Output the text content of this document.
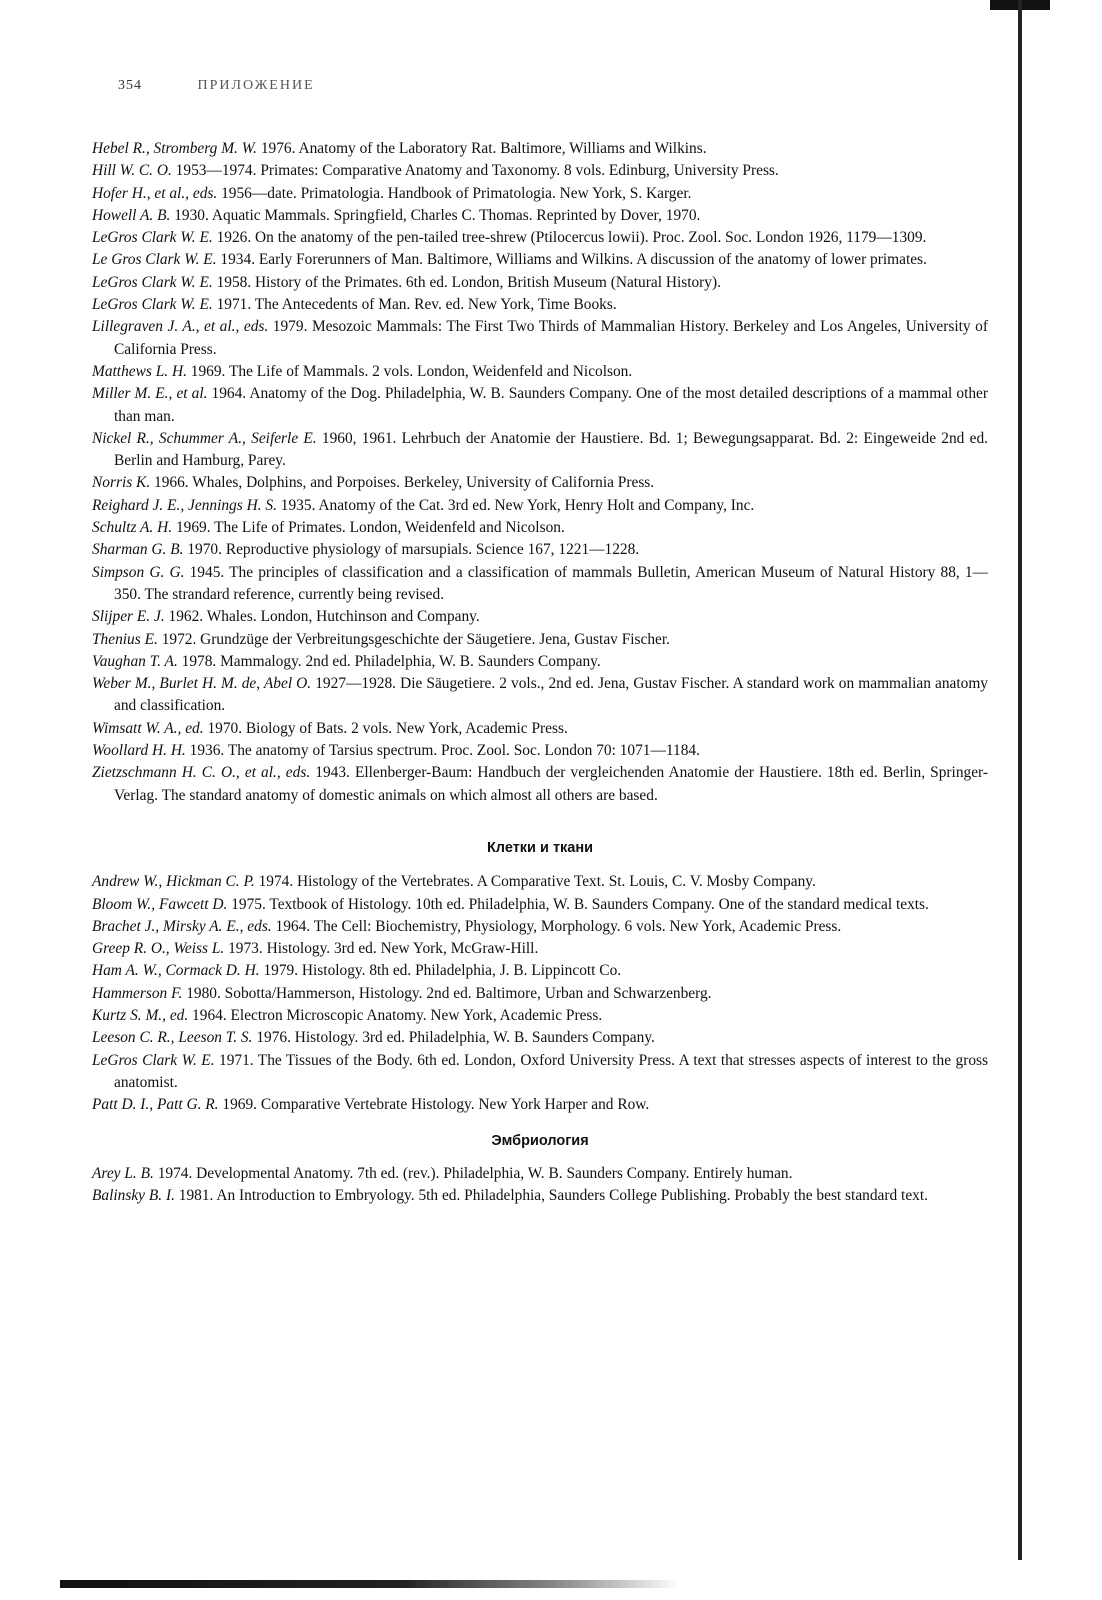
354	ПРИЛОЖЕНИЕ

Hebel R., Stromberg M. W. 1976. Anatomy of the Laboratory Rat. Baltimore, Williams and Wilkins.

Hill W. C. O. 1953—1974. Primates: Comparative Anatomy and Taxonomy. 8 vols. Edinburg, University Press.

Hofer H., et al., eds. 1956—date. Primatologia. Handbook of Primatologia. New York, S. Karger.

Howell A. B. 1930. Aquatic Mammals. Springfield, Charles C. Thomas. Reprinted by Dover, 1970.

LeGros Clark W. E. 1926. On the anatomy of the pen-tailed tree-shrew (Ptilocercus lowii). Proc. Zool. Soc. London 1926, 1179—1309.

Le Gros Clark W. E. 1934. Early Forerunners of Man. Baltimore, Williams and Wilkins. A discussion of the anatomy of lower primates.

LeGros Clark W. E. 1958. History of the Primates. 6th ed. London, British Museum (Natural History).

LeGros Clark W. E. 1971. The Antecedents of Man. Rev. ed. New York, Time Books.

Lillegraven J. A., et al., eds. 1979. Mesozoic Mammals: The First Two Thirds of Mammalian History. Berkeley and Los Angeles, University of California Press.

Matthews L. H. 1969. The Life of Mammals. 2 vols. London, Weidenfeld and Nicolson.

Miller M. E., et al. 1964. Anatomy of the Dog. Philadelphia, W. B. Saunders Company. One of the most detailed descriptions of a mammal other than man.

Nickel R., Schummer A., Seiferle E. 1960, 1961. Lehrbuch der Anatomie der Haustiere. Bd. 1; Bewegungsapparat. Bd. 2: Eingeweide 2nd ed. Berlin and Hamburg, Parey.

Norris K. 1966. Whales, Dolphins, and Porpoises. Berkeley, University of California Press.

Reighard J. E., Jennings H. S. 1935. Anatomy of the Cat. 3rd ed. New York, Henry Holt and Company, Inc.

Schultz A. H. 1969. The Life of Primates. London, Weidenfeld and Nicolson.

Sharman G. B. 1970. Reproductive physiology of marsupials. Science 167, 1221—1228.

Simpson G. G. 1945. The principles of classification and a classification of mammals Bulletin, American Museum of Natural History 88, 1—350. The strandard reference, currently being revised.

Slijper E. J. 1962. Whales. London, Hutchinson and Company.

Thenius E. 1972. Grundzüge der Verbreitungsgeschichte der Säugetiere. Jena, Gustav Fischer.

Vaughan T. A. 1978. Mammalogy. 2nd ed. Philadelphia, W. B. Saunders Company.

Weber M., Burlet H. M. de, Abel O. 1927—1928. Die Säugetiere. 2 vols., 2nd ed. Jena, Gustav Fischer. A standard work on mammalian anatomy and classification.

Wimsatt W. A., ed. 1970. Biology of Bats. 2 vols. New York, Academic Press.

Woollard H. H. 1936. The anatomy of Tarsius spectrum. Proc. Zool. Soc. London 70: 1071—1184.

Zietzschmann H. C. O., et al., eds. 1943. Ellenberger-Baum: Handbuch der vergleichenden Anatomie der Haustiere. 18th ed. Berlin, Springer-Verlag. The standard anatomy of domestic animals on which almost all others are based.

Клетки и ткани

Andrew W., Hickman C. P. 1974. Histology of the Vertebrates. A Comparative Text. St. Louis, C. V. Mosby Company.

Bloom W., Fawcett D. 1975. Textbook of Histology. 10th ed. Philadelphia, W. B. Saunders Company. One of the standard medical texts.

Brachet J., Mirsky A. E., eds. 1964. The Cell: Biochemistry, Physiology, Morphology. 6 vols. New York, Academic Press.

Greep R. O., Weiss L. 1973. Histology. 3rd ed. New York, McGraw-Hill.

Ham A. W., Cormack D. H. 1979. Histology. 8th ed. Philadelphia, J. B. Lippincott Co.

Hammerson F. 1980. Sobotta/Hammerson, Histology. 2nd ed. Baltimore, Urban and Schwarzenberg.

Kurtz S. M., ed. 1964. Electron Microscopic Anatomy. New York, Academic Press.

Leeson C. R., Leeson T. S. 1976. Histology. 3rd ed. Philadelphia, W. B. Saunders Company.

LeGros Clark W. E. 1971. The Tissues of the Body. 6th ed. London, Oxford University Press. A text that stresses aspects of interest to the gross anatomist.

Patt D. I., Patt G. R. 1969. Comparative Vertebrate Histology. New York Harper and Row.

Эмбриология

Arey L. B. 1974. Developmental Anatomy. 7th ed. (rev.). Philadelphia, W. B. Saunders Company. Entirely human.

Balinsky B. I. 1981. An Introduction to Embryology. 5th ed. Philadelphia, Saunders College Publishing. Probably the best standard text.
